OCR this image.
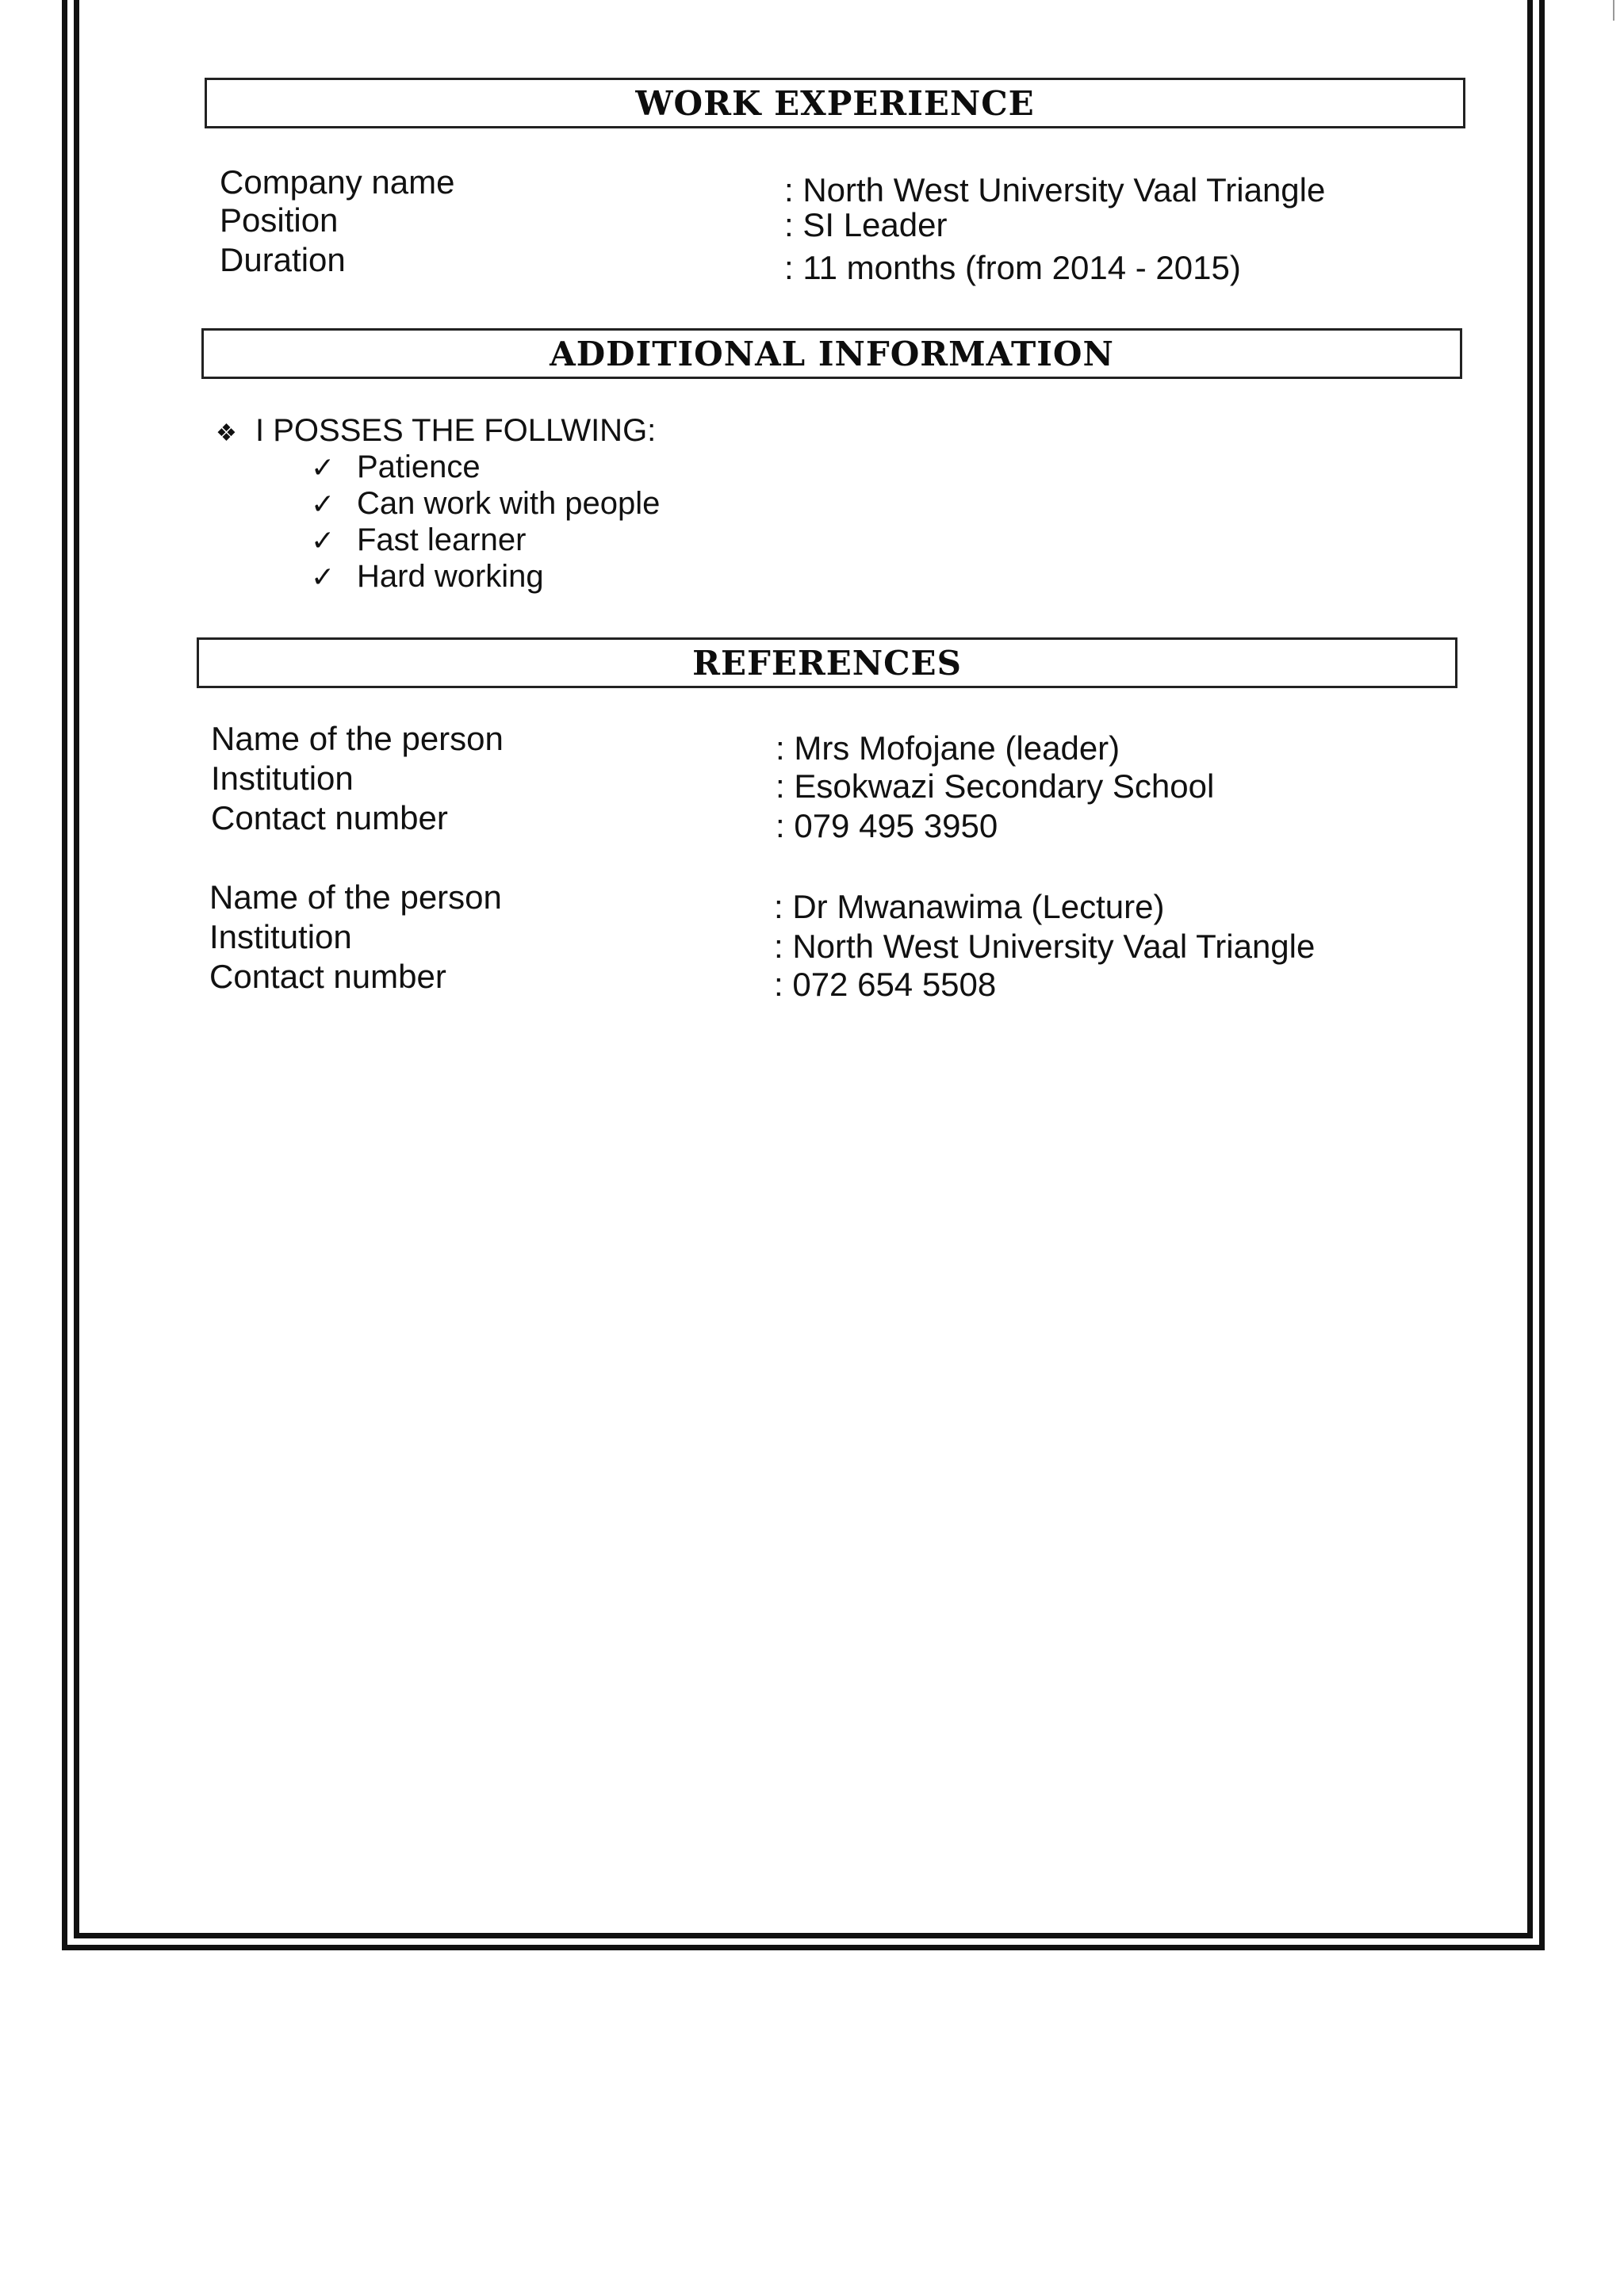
WORK EXPERIENCE
Company name	: North West University Vaal Triangle
Position	: SI Leader
Duration	: 11 months (from 2014 - 2015)
ADDITIONAL INFORMATION
❖ I POSSES THE FOLLWING:
✓ Patience
✓ Can work with people
✓ Fast learner
✓ Hard working
REFERENCES
Name of the person	: Mrs Mofojane (leader)
Institution	: Esokwazi Secondary School
Contact number	: 079 495 3950
Name of the person	: Dr Mwanawima (Lecture)
Institution	: North West University Vaal Triangle
Contact number	: 072 654 5508
